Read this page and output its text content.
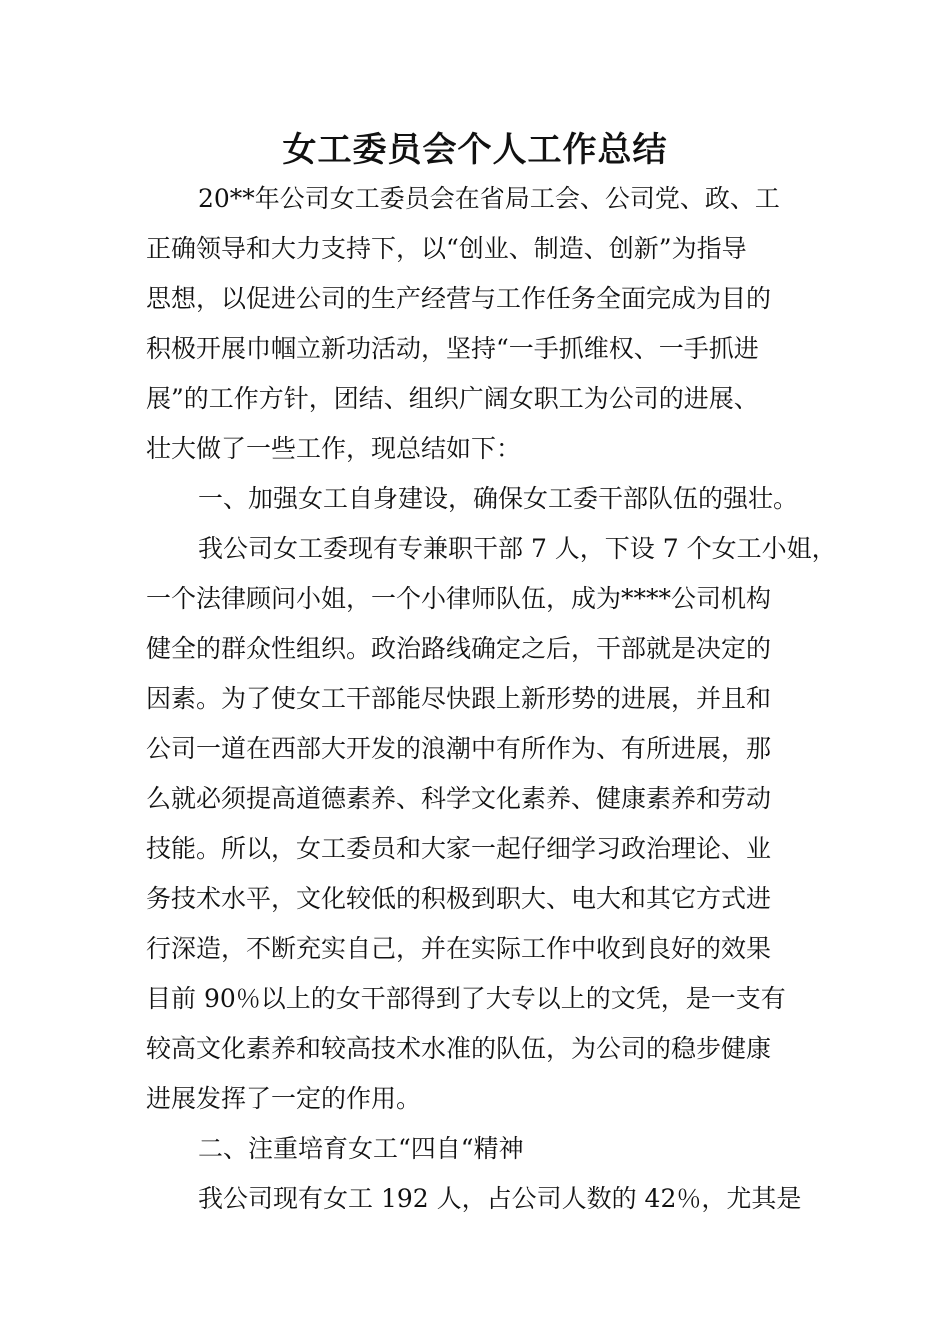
女工委员会个人工作总结
20**年公司女工委员会在省局工会、公司党、政、工
正确领导和大力支持下，以“创业、制造、创新”为指导
思想，以促进公司的生产经营与工作任务全面完成为目的
积极开展巾帼立新功活动，坚持“一手抓维权、一手抓进
展”的工作方针，团结、组织广阔女职工为公司的进展、
壮大做了一些工作，现总结如下：
一、加强女工自身建设，确保女工委干部队伍的强壮。
我公司女工委现有专兼职干部 7 人，下设 7 个女工小姐，
一个法律顾问小姐，一个小律师队伍，成为****公司机构
健全的群众性组织。政治路线确定之后，干部就是决定的
因素。为了使女工干部能尽快跟上新形势的进展，并且和
公司一道在西部大开发的浪潮中有所作为、有所进展，那
么就必须提高道德素养、科学文化素养、健康素养和劳动
技能。所以，女工委员和大家一起仔细学习政治理论、业
务技术水平，文化较低的积极到职大、电大和其它方式进
行深造，不断充实自己，并在实际工作中收到良好的效果
目前 90％以上的女干部得到了大专以上的文凭，是一支有
较高文化素养和较高技术水准的队伍，为公司的稳步健康
进展发挥了一定的作用。
二、注重培育女工“四自“精神
我公司现有女工 192 人，占公司人数的 42％，尤其是
